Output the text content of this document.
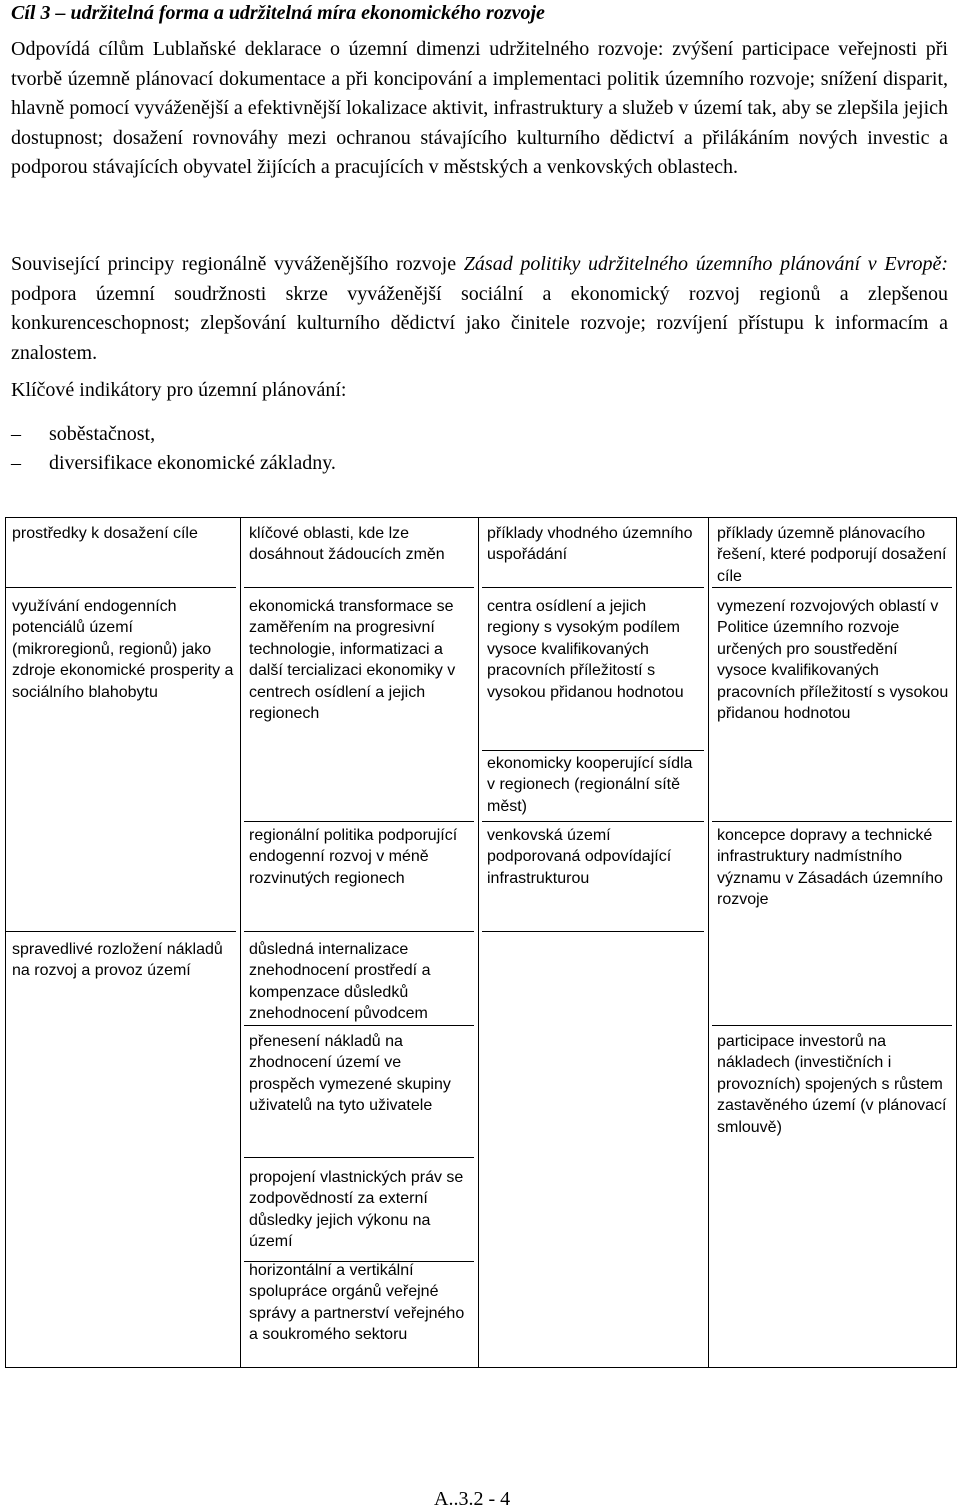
Cíl 3 – udržitelná forma a udržitelná míra ekonomického rozvoje

Odpovídá cílům Lublaňské deklarace o územní dimenzi udržitelného rozvoje: zvýšení participace veřejnosti při tvorbě územně plánovací dokumentace a při koncipování a implementaci politik územního rozvoje; snížení disparit, hlavně pomocí vyváženější a efektivnější lokalizace aktivit, infrastruktury a služeb v území tak, aby se zlepšila jejich dostupnost; dosažení rovnováhy mezi ochranou stávajícího kulturního dědictví a přilákáním nových investic a podporou stávajících obyvatel žijících a pracujících v městských a venkovských oblastech.

Související principy regionálně vyváženějšího rozvoje Zásad politiky udržitelného územního plánování v Evropě: podpora územní soudržnosti skrze vyváženější sociální a ekonomický rozvoj regionů a zlepšenou konkurenceschopnost; zlepšování kulturního dědictví jako činitele rozvoje; rozvíjení přístupu k informacím a znalostem.

Klíčové indikátory pro územní plánování:
– soběstačnost,
– diversifikace ekonomické základny.
prostředky k dosažení cíle	klíčové oblasti, kde lze dosáhnout žádoucích změn
příklady vhodného územního uspořádání
příklady územně plánovacího řešení, které podporují dosažení cíle
využívání endogenních potenciálů území (mikroregionů, regionů) jako zdroje ekonomické prosperity a sociálního blahobytu
spravedlivé rozložení nákladů na rozvoj a provoz území
ekonomická transformace se zaměřením na progresivní technologie, informatizaci a další tercializaci ekonomiky v centrech osídlení a jejich regionech
regionální politika podporující endogenní rozvoj v méně rozvinutých regionech
důsledná internalizace znehodnocení prostředí a kompenzace důsledků znehodnocení původcem
přenesení nákladů na zhodnocení území ve prospěch vymezené skupiny uživatelů na tyto uživatele
propojení vlastnických práv se zodpovědností za externí důsledky jejich výkonu na území
horizontální a vertikální spolupráce orgánů veřejné správy a partnerství veřejného a soukromého sektoru
centra osídlení a jejich regiony s vysokým podílem vysoce kvalifikovaných pracovních příležitostí s vysokou přidanou hodnotou
ekonomicky kooperující sídla v regionech (regionální sítě měst)
venkovská území podporovaná odpovídající infrastrukturou
vymezení rozvojových oblastí v Politice územního rozvoje určených pro soustředění vysoce kvalifikovaných pracovních příležitostí s vysokou přidanou hodnotou
koncepce dopravy a technické infrastruktury nadmístního významu v Zásadách územního rozvoje
participace investorů na nákladech (investičních i provozních) spojených s růstem zastavěného území (v plánovací smlouvě)
A..3.2 - 4
